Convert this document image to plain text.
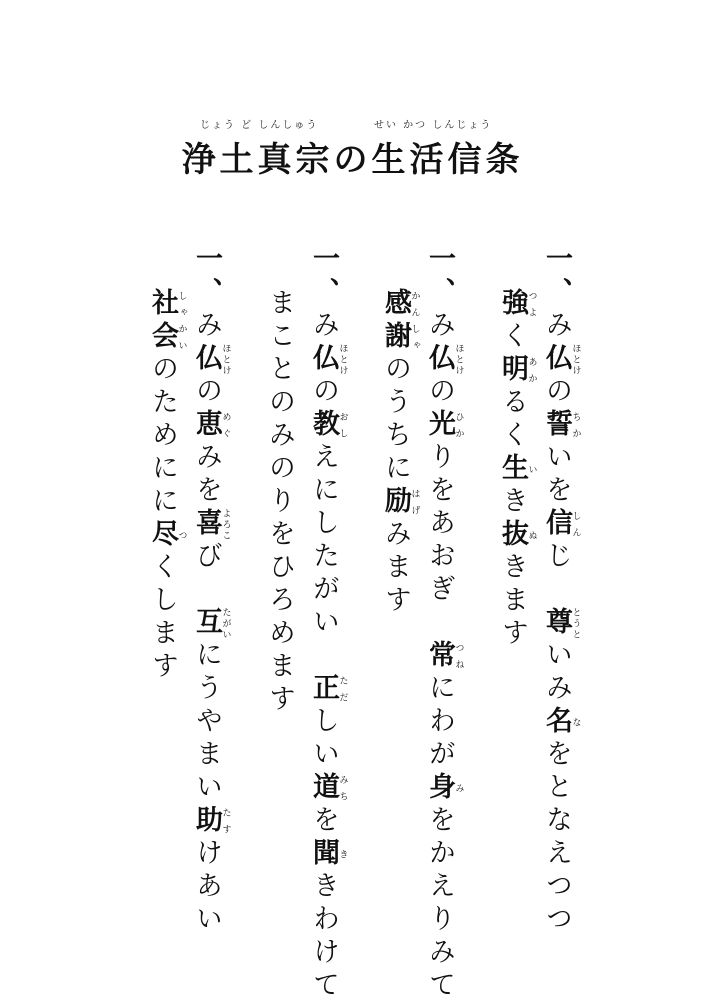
じょう ど しんしゅう	せい かつ しんじょう
浄土真宗の生活信条
一、み仏ほとけの誓ちかいを信しんじ　尊とうといみ名なをとなえつつ
強つよく明あかるく生いき抜ぬきます
一、み仏ほとけの光ひかりをあおぎ　常つねにわが身みをかえりみて
感かん謝しゃのうちに励はげみます
一、み仏ほとけの教おしえにしたがい　正ただしい道みちを聞ききわけて
まことのみのりをひろめます
一、み仏ほとけの恵めぐみを喜よろこび　互たがいにうやまい助たすけあい
社しゃ会かいのためにに尽つくします
